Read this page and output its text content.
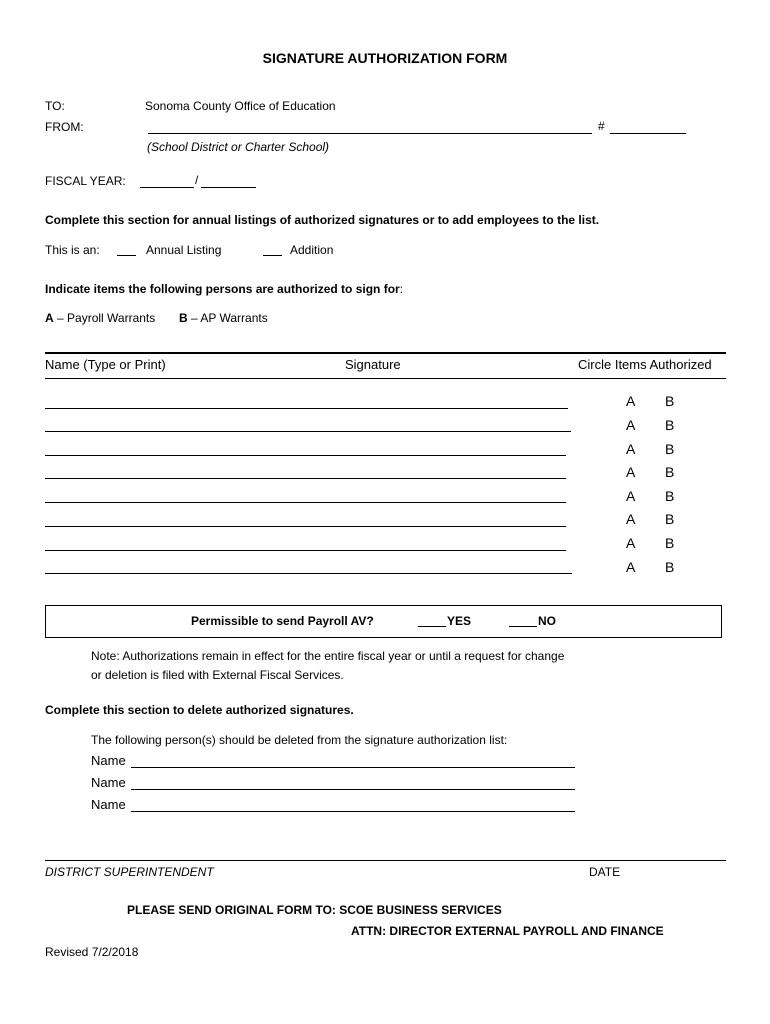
SIGNATURE AUTHORIZATION FORM
TO:	Sonoma County Office of Education
FROM:	#
(School District or Charter School)
FISCAL YEAR:	/
Complete this section for annual listings of authorized signatures or to add employees to the list.
This is an:	Annual Listing	Addition
Indicate items the following persons are authorized to sign for:
A – Payroll Warrants B – AP Warrants
Name (Type or Print)	Signature	Circle Items Authorized
A B
A B
A B
A B
A B
A B
A B
A B
Permissible to send Payroll AV?	YES	NO
Note: Authorizations remain in effect for the entire fiscal year or until a request for change
or deletion is filed with External Fiscal Services.
Complete this section to delete authorized signatures.
The following person(s) should be deleted from the signature authorization list:
Name
Name
Name
DISTRICT SUPERINTENDENT	DATE
PLEASE SEND ORIGINAL FORM TO: SCOE BUSINESS SERVICES
ATTN: DIRECTOR EXTERNAL PAYROLL AND FINANCE
Revised 7/2/2018
